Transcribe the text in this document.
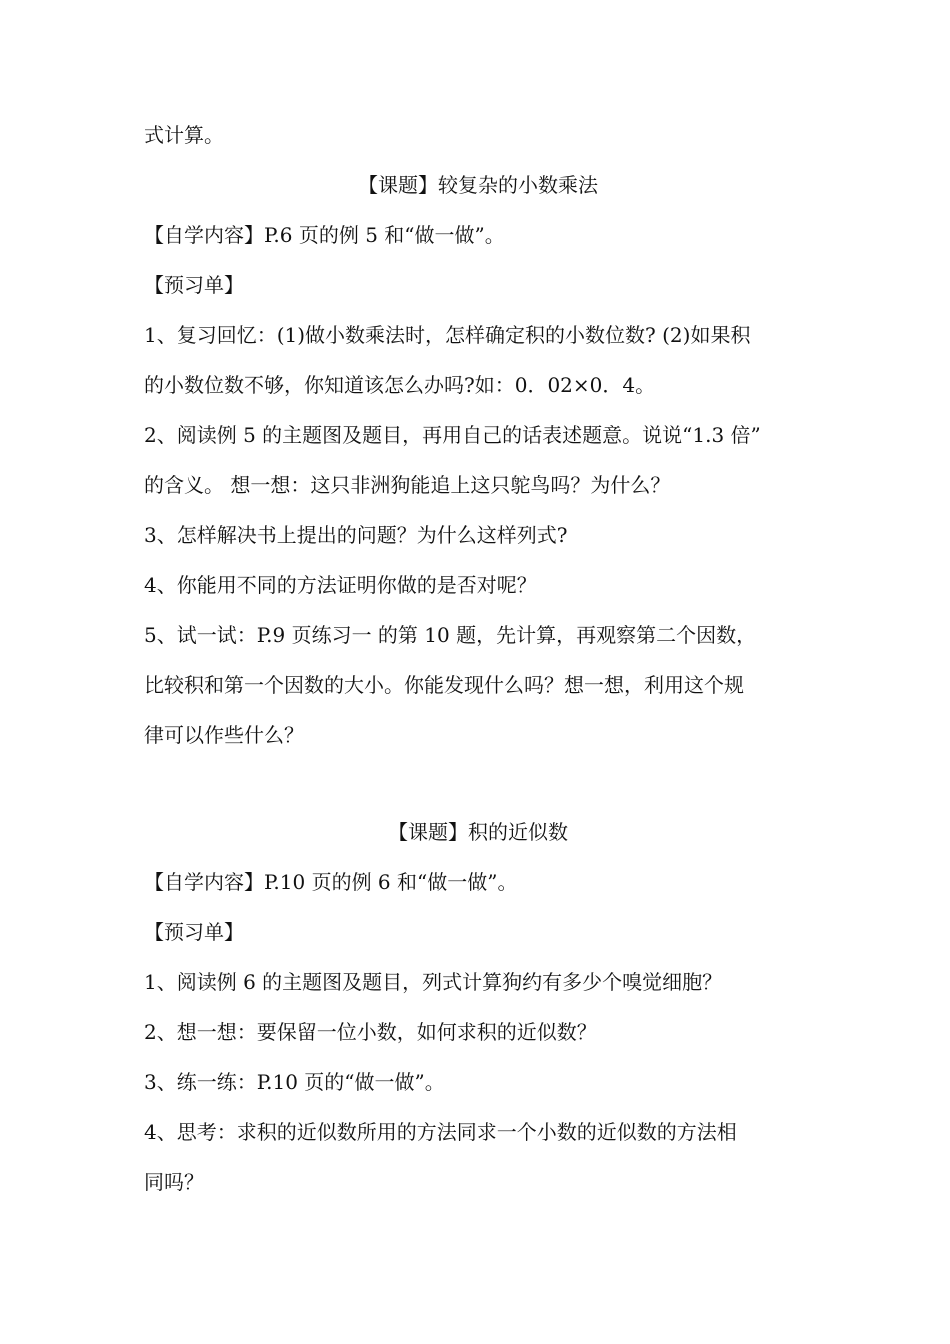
式计算。
【课题】较复杂的小数乘法
【自学内容】P.6 页的例 5 和“做一做”。
【预习单】
1、复习回忆：(1)做小数乘法时，怎样确定积的小数位数? (2)如果积
的小数位数不够，你知道该怎么办吗?如：0．02×0．4。
2、阅读例 5 的主题图及题目，再用自己的话表述题意。说说“1.3 倍”
的含义。 想一想：这只非洲狗能追上这只鸵鸟吗？为什么？
3、怎样解决书上提出的问题？为什么这样列式?
4、你能用不同的方法证明你做的是否对呢？
5、试一试：P.9 页练习一 的第 10 题，先计算，再观察第二个因数，
比较积和第一个因数的大小。你能发现什么吗？想一想，利用这个规
律可以作些什么？
【课题】积的近似数
【自学内容】P.10 页的例 6 和“做一做”。
【预习单】
1、阅读例 6 的主题图及题目，列式计算狗约有多少个嗅觉细胞？
2、想一想：要保留一位小数，如何求积的近似数？
3、练一练：P.10 页的“做一做”。
4、思考：求积的近似数所用的方法同求一个小数的近似数的方法相
同吗？
